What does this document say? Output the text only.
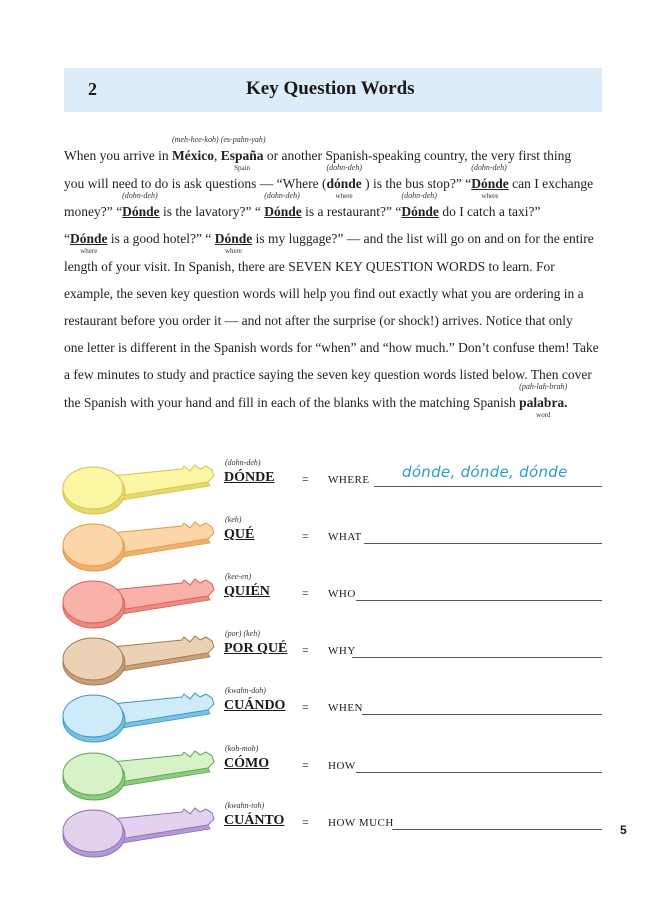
2	Key Question Words
When you arrive in
(meh-hee-koh)
México,
(es-pahn-yah)
España
Spain
or another Spanish-speaking country, the very first thing
you will need to do is ask questions — “Where (
(dohn-deh)
dónde
where
) is the bus stop?” “
(dohn-deh)
Dónde
where
can I exchange
money?” “
(dohn-deh)
Dónde is the lavatory?” “
(dohn-deh)
Dónde is a restaurant?” “
(dohn-deh)
Dónde do I catch a taxi?”
“Dónde
where
is a good hotel?” “ Dónde
where
is my luggage?” — and the list will go on and on for the entire
length of your visit. In Spanish, there are SEVEN KEY QUESTION WORDS to learn. For
example, the seven key question words will help you find out exactly what you are ordering in a
restaurant before you order it — and not after the surprise (or shock!) arrives. Notice that only
one letter is different in the Spanish words for “when” and “how much.” Don’t confuse them! Take
a few minutes to study and practice saying the seven key question words listed below. Then cover
the Spanish with your hand and fill in each of the blanks with the matching Spanish
(pah-lah-brah)
palabra.
word
(dohn-deh)
DÓNDE = WHERE dónde, dónde, dónde
(keh)
QUÉ	= WHAT
(kee-en)
QUIÉN	= WHO
(por) (keh)
POR QUÉ = WHY
(kwahn-doh)
CUÁNDO = WHEN
(koh-moh)
CÓMO	= HOW
(kwahn-toh)
CUÁNTO = HOW MUCH	5
